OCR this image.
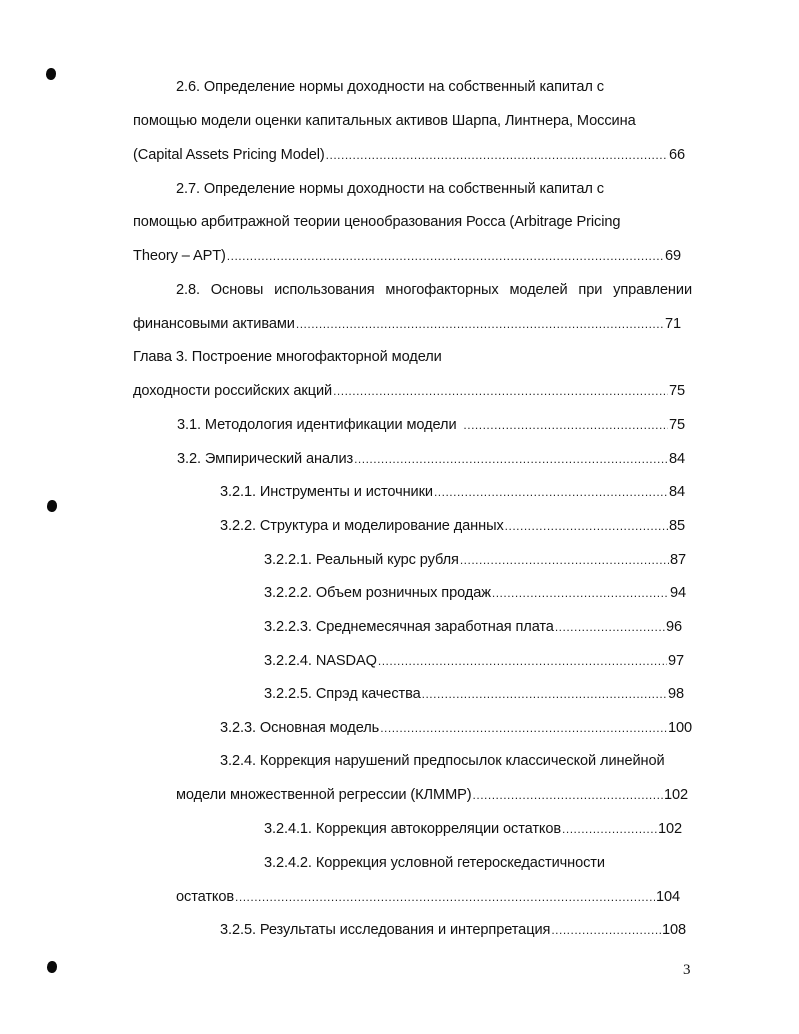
2.6. Определение нормы доходности на собственный капитал с
помощью модели оценки капитальных активов Шарпа, Линтнера, Моссина
(Capital Assets Pricing Model) .....	66
2.7. Определение нормы доходности на собственный капитал с
помощью арбитражной теории ценообразования Росса (Arbitrage Pricing
Theory – APT) .....	69
2.8. Основы использования многофакторных моделей при управлении
финансовыми активами .....	71
Глава 3. Построение многофакторной модели
доходности российских акций .....	75
3.1. Методология идентификации модели .....	75
3.2. Эмпирический анализ .....	84
3.2.1. Инструменты и источники .....	84
3.2.2. Структура и моделирование данных .....	85
3.2.2.1. Реальный курс рубля .....	87
3.2.2.2. Объем розничных продаж .....	94
3.2.2.3. Среднемесячная заработная плата .....	96
3.2.2.4. NASDAQ .....	97
3.2.2.5. Спрэд качества .....	98
3.2.3. Основная модель .....	100
3.2.4. Коррекция нарушений предпосылок классической линейной
модели множественной регрессии (КЛММР) .....	102
3.2.4.1. Коррекция автокорреляции остатков .....	102
3.2.4.2. Коррекция условной гетероскедастичности
остатков .....	104
3.2.5. Результаты исследования и интерпретация .....	108
3
